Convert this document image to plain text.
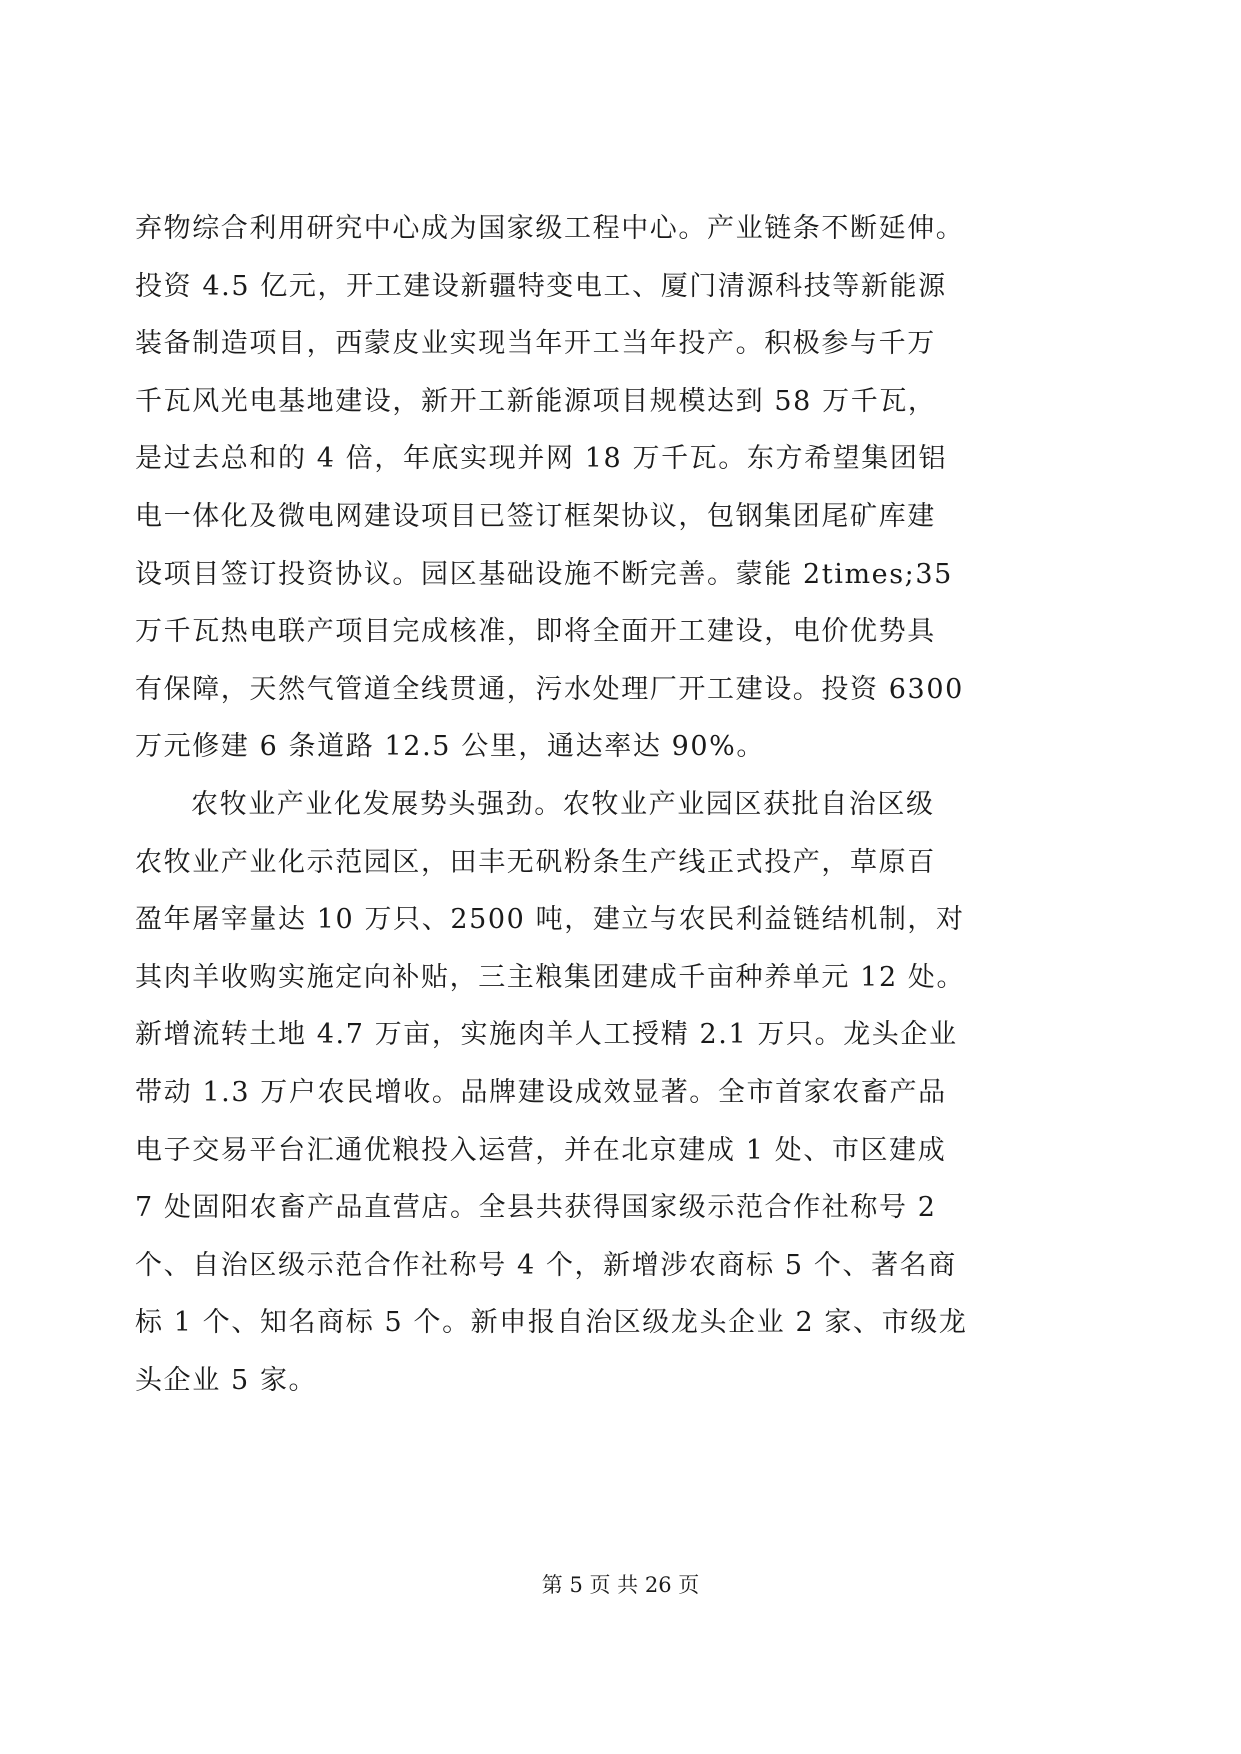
弃物综合利用研究中心成为国家级工程中心。产业链条不断延伸。
投资 4.5 亿元，开工建设新疆特变电工、厦门清源科技等新能源
装备制造项目，西蒙皮业实现当年开工当年投产。积极参与千万
千瓦风光电基地建设，新开工新能源项目规模达到 58 万千瓦，
是过去总和的 4 倍，年底实现并网 18 万千瓦。东方希望集团铝
电一体化及微电网建设项目已签订框架协议，包钢集团尾矿库建
设项目签订投资协议。园区基础设施不断完善。蒙能 2times;35
万千瓦热电联产项目完成核准，即将全面开工建设，电价优势具
有保障，天然气管道全线贯通，污水处理厂开工建设。投资 6300
万元修建 6 条道路 12.5 公里，通达率达 90%。
农牧业产业化发展势头强劲。农牧业产业园区获批自治区级
农牧业产业化示范园区，田丰无矾粉条生产线正式投产，草原百
盈年屠宰量达 10 万只、2500 吨，建立与农民利益链结机制，对
其肉羊收购实施定向补贴，三主粮集团建成千亩种养单元 12 处。
新增流转土地 4.7 万亩，实施肉羊人工授精 2.1 万只。龙头企业
带动 1.3 万户农民增收。品牌建设成效显著。全市首家农畜产品
电子交易平台汇通优粮投入运营，并在北京建成 1 处、市区建成
7 处固阳农畜产品直营店。全县共获得国家级示范合作社称号 2
个、自治区级示范合作社称号 4 个，新增涉农商标 5 个、著名商
标 1 个、知名商标 5 个。新申报自治区级龙头企业 2 家、市级龙
头企业 5 家。
第 5 页 共 26 页
